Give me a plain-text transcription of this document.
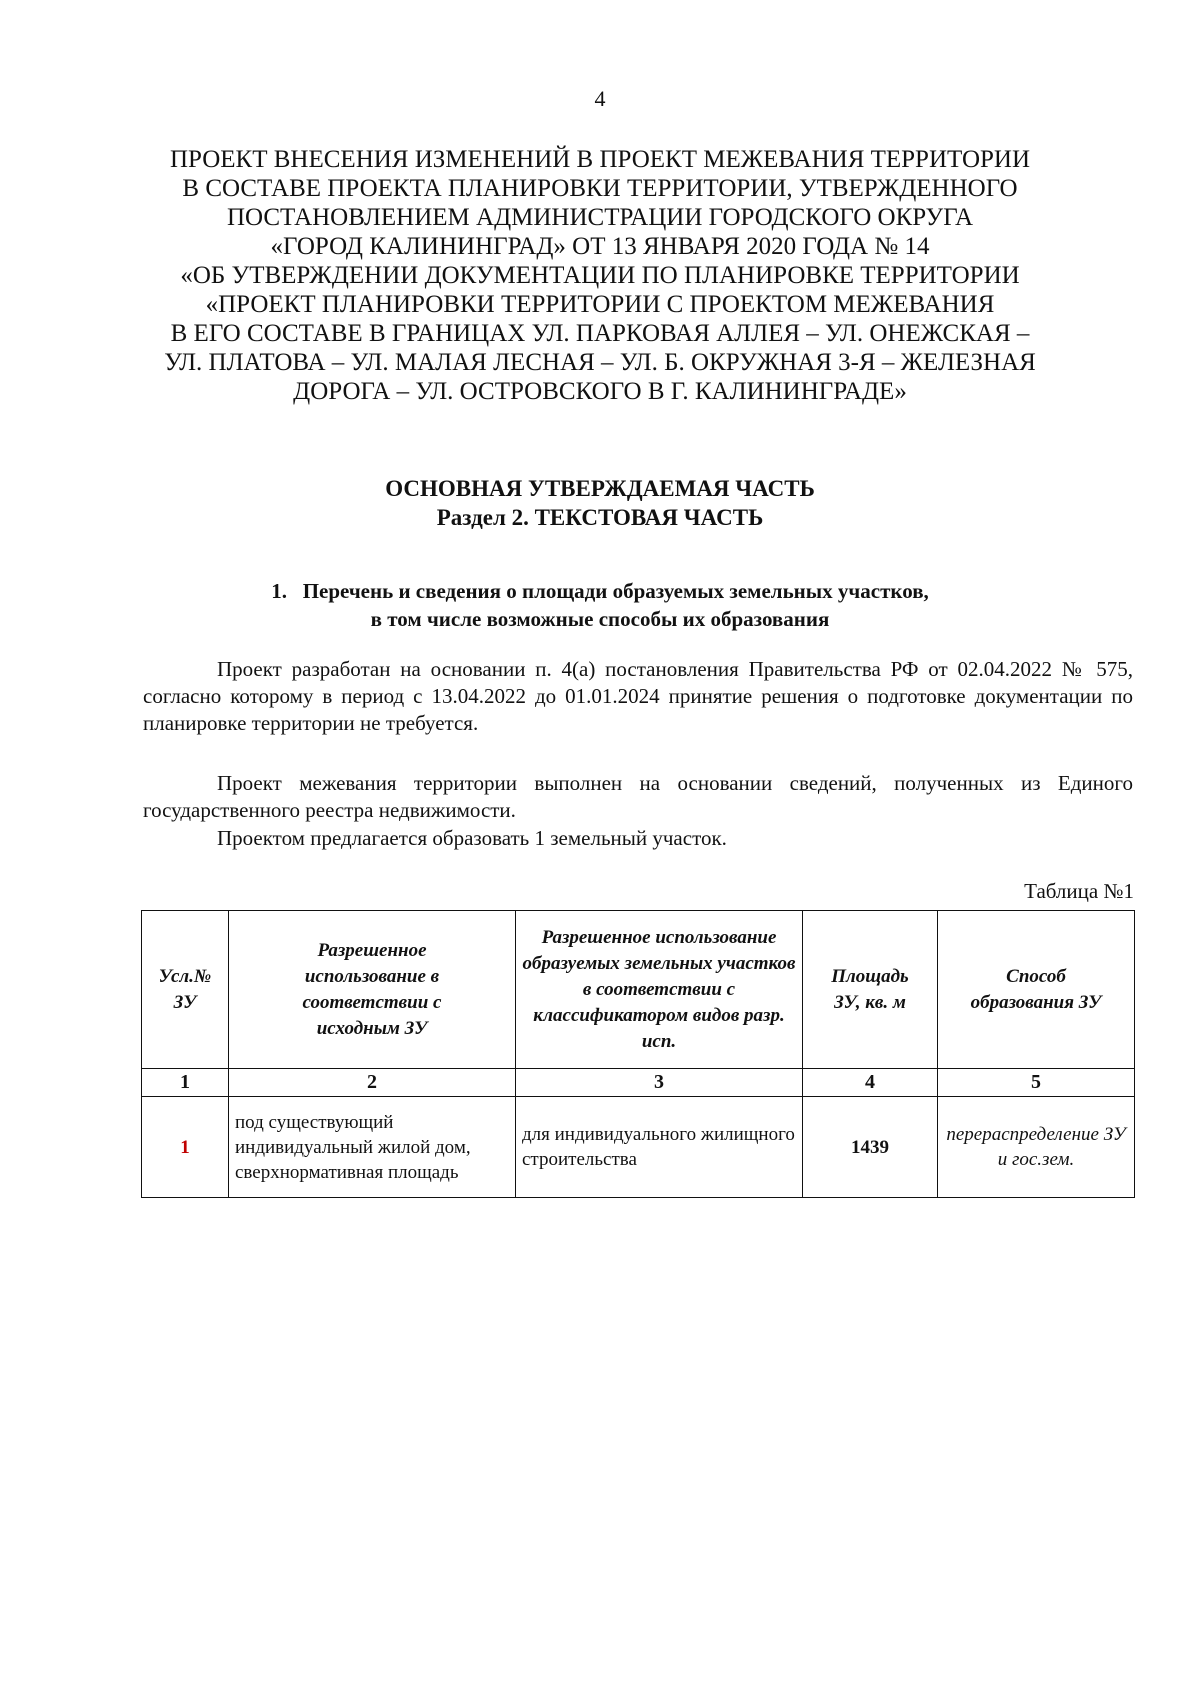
4
ПРОЕКТ ВНЕСЕНИЯ ИЗМЕНЕНИЙ В ПРОЕКТ МЕЖЕВАНИЯ ТЕРРИТОРИИ
В СОСТАВЕ ПРОЕКТА ПЛАНИРОВКИ ТЕРРИТОРИИ, УТВЕРЖДЕННОГО
ПОСТАНОВЛЕНИЕМ АДМИНИСТРАЦИИ ГОРОДСКОГО ОКРУГА
«ГОРОД КАЛИНИНГРАД» ОТ 13 ЯНВАРЯ 2020 ГОДА № 14
«ОБ УТВЕРЖДЕНИИ ДОКУМЕНТАЦИИ ПО ПЛАНИРОВКЕ ТЕРРИТОРИИ
«ПРОЕКТ ПЛАНИРОВКИ ТЕРРИТОРИИ С ПРОЕКТОМ МЕЖЕВАНИЯ
В ЕГО СОСТАВЕ В ГРАНИЦАХ УЛ. ПАРКОВАЯ АЛЛЕЯ – УЛ. ОНЕЖСКАЯ –
УЛ. ПЛАТОВА – УЛ. МАЛАЯ ЛЕСНАЯ – УЛ. Б. ОКРУЖНАЯ 3-Я – ЖЕЛЕЗНАЯ
ДОРОГА – УЛ. ОСТРОВСКОГО В Г. КАЛИНИНГРАДЕ»
ОСНОВНАЯ УТВЕРЖДАЕМАЯ ЧАСТЬ
Раздел 2. ТЕКСТОВАЯ ЧАСТЬ
1.   Перечень и сведения о площади образуемых земельных участков,
в том числе возможные способы их образования

Проект разработан на основании п. 4(а) постановления Правительства РФ от 02.04.2022 № 575, согласно которому в период с 13.04.2022 до 01.01.2024 принятие решения о подготовке документации по планировке территории не требуется.

Проект межевания территории выполнен на основании сведений, полученных из Единого государственного реестра недвижимости.

Проектом предлагается образовать 1 земельный участок.

Таблица №1
Усл.№ ЗУ	Разрешенное использование в соответствии с исходным ЗУ	Разрешенное использование образуемых земельных участков в соответствии с классификатором видов разр. исп.	Площадь ЗУ, кв. м	Способ образования ЗУ
1	2	3	4	5
1	под существующий индивидуальный жилой дом, сверхнормативная площадь	для индивидуального жилищного строительства	1439	перераспределение ЗУ и гос.зем.
